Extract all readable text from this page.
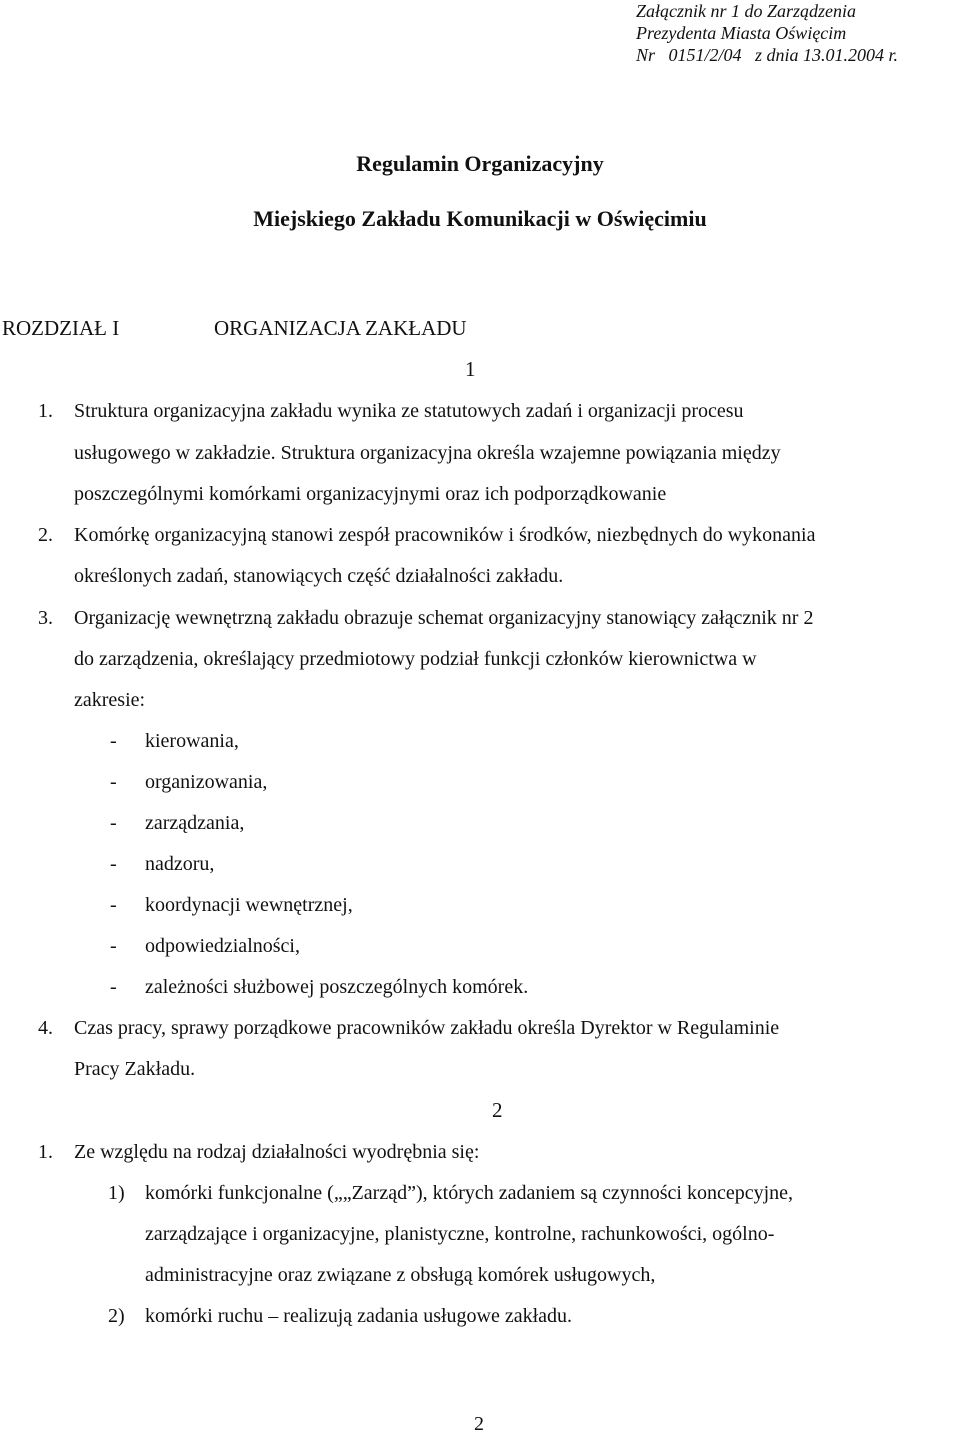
Załącznik nr 1 do Zarządzenia
Prezydenta Miasta Oświęcim
Nr   0151/2/04   z dnia 13.01.2004 r.
Regulamin Organizacyjny
Miejskiego Zakładu Komunikacji w Oświęcimiu
ROZDZIAŁ I	ORGANIZACJA ZAKŁADU
1
1. Struktura organizacyjna zakładu wynika ze statutowych zadań i organizacji procesu
usługowego w zakładzie. Struktura organizacyjna określa wzajemne powiązania między
poszczególnymi komórkami organizacyjnymi oraz ich podporządkowanie
2. Komórkę organizacyjną stanowi zespół pracowników i środków, niezbędnych do wykonania
określonych zadań, stanowiących część działalności zakładu.
3. Organizację wewnętrzną zakładu obrazuje schemat organizacyjny stanowiący załącznik nr 2
do zarządzenia, określający przedmiotowy podział funkcji członków kierownictwa w
zakresie:
- kierowania,
- organizowania,
- zarządzania,
- nadzoru,
- koordynacji wewnętrznej,
- odpowiedzialności,
- zależności służbowej poszczególnych komórek.
4. Czas pracy, sprawy porządkowe pracowników zakładu określa Dyrektor w Regulaminie
Pracy Zakładu.
2
1. Ze względu na rodzaj działalności wyodrębnia się:
1) komórki funkcjonalne („„Zarząd”), których zadaniem są czynności koncepcyjne,
zarządzające i organizacyjne, planistyczne, kontrolne, rachunkowości, ogólno-
administracyjne oraz związane z obsługą komórek usługowych,
2) komórki ruchu – realizują zadania usługowe zakładu.
2
